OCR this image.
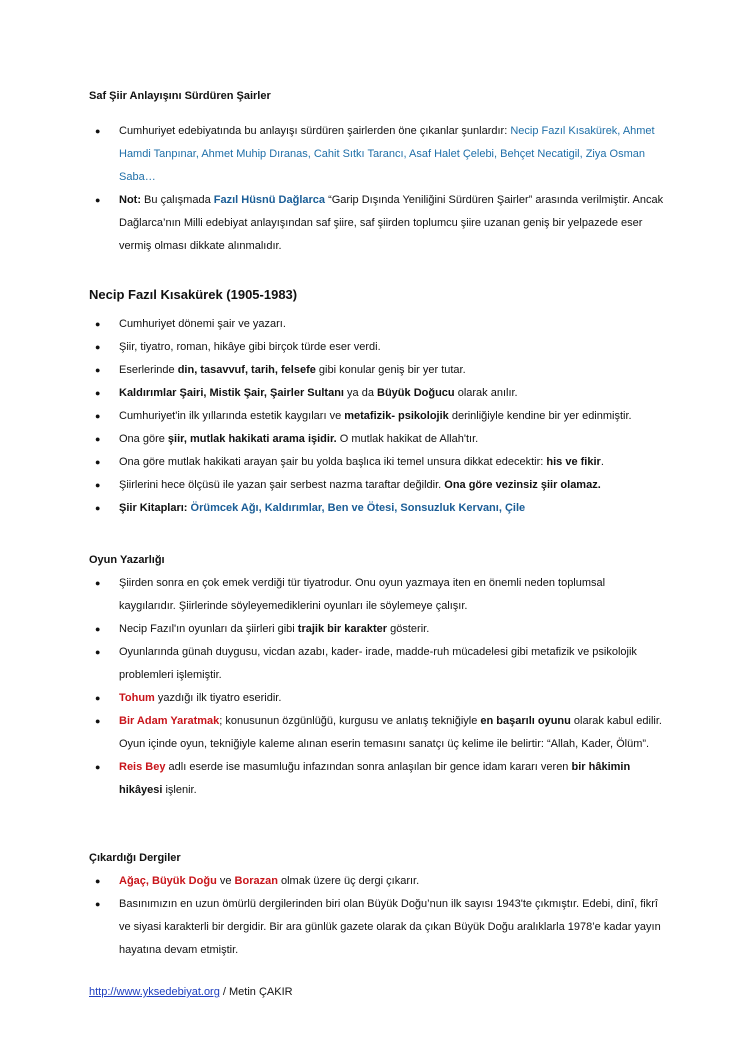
Saf Şiir Anlayışını Sürdüren Şairler
● Cumhuriyet edebiyatında bu anlayışı sürdüren şairlerden öne çıkanlar şunlardır: Necip Fazıl Kısakürek, Ahmet Hamdi Tanpınar, Ahmet Muhip Dıranas, Cahit Sıtkı Tarancı, Asaf Halet Çelebi, Behçet Necatigil, Ziya Osman Saba…
● Not: Bu çalışmada Fazıl Hüsnü Dağlarca “Garip Dışında Yeniliğini Sürdüren Şairler” arasında verilmiştir. Ancak Dağlarca’nın Milli edebiyat anlayışından saf şiire, saf şiirden toplumcu şiire uzanan geniş bir yelpazede eser vermiş olması dikkate alınmalıdır.
Necip Fazıl Kısakürek (1905-1983)
● Cumhuriyet dönemi şair ve yazarı.
● Şiir, tiyatro, roman, hikâye gibi birçok türde eser verdi.
● Eserlerinde din, tasavvuf, tarih, felsefe gibi konular geniş bir yer tutar.
● Kaldırımlar Şairi, Mistik Şair, Şairler Sultanı ya da Büyük Doğucu olarak anılır.
● Cumhuriyet'in ilk yıllarında estetik kaygıları ve metafizik- psikolojik derinliğiyle kendine bir yer edinmiştir.
● Ona göre şiir, mutlak hakikati arama işidir. O mutlak hakikat de Allah'tır.
● Ona göre mutlak hakikati arayan şair bu yolda başlıca iki temel unsura dikkat edecektir: his ve fikir.
● Şiirlerini hece ölçüsü ile yazan şair serbest nazma taraftar değildir. Ona göre vezinsiz şiir olamaz.
● Şiir Kitapları: Örümcek Ağı, Kaldırımlar, Ben ve Ötesi, Sonsuzluk Kervanı, Çile
Oyun Yazarlığı
● Şiirden sonra en çok emek verdiği tür tiyatrodur. Onu oyun yazmaya iten en önemli neden toplumsal kaygılarıdır. Şiirlerinde söyleyemediklerini oyunları ile söylemeye çalışır.
● Necip Fazıl'ın oyunları da şiirleri gibi trajik bir karakter gösterir.
● Oyunlarında günah duygusu, vicdan azabı, kader- irade, madde-ruh mücadelesi gibi metafizik ve psikolojik problemleri işlemiştir.
● Tohum yazdığı ilk tiyatro eseridir.
● Bir Adam Yaratmak; konusunun özgünlüğü, kurgusu ve anlatış tekniğiyle en başarılı oyunu olarak kabul edilir. Oyun içinde oyun, tekniğiyle kaleme alınan eserin temasını sanatçı üç kelime ile belirtir: “Allah, Kader, Ölüm”.
● Reis Bey adlı eserde ise masumluğu infazından sonra anlaşılan bir gence idam kararı veren bir hâkimin hikâyesi işlenir.
Çıkardığı Dergiler
● Ağaç, Büyük Doğu ve Borazan olmak üzere üç dergi çıkarır.
● Basınımızın en uzun ömürlü dergilerinden biri olan Büyük Doğu’nun ilk sayısı 1943'te çıkmıştır. Edebi, dinî, fikrî ve siyasi karakterli bir dergidir. Bir ara günlük gazete olarak da çıkan Büyük Doğu aralıklarla 1978’e kadar yayın hayatına devam etmiştir.
http://www.yksedebiyat.org / Metin ÇAKIR
